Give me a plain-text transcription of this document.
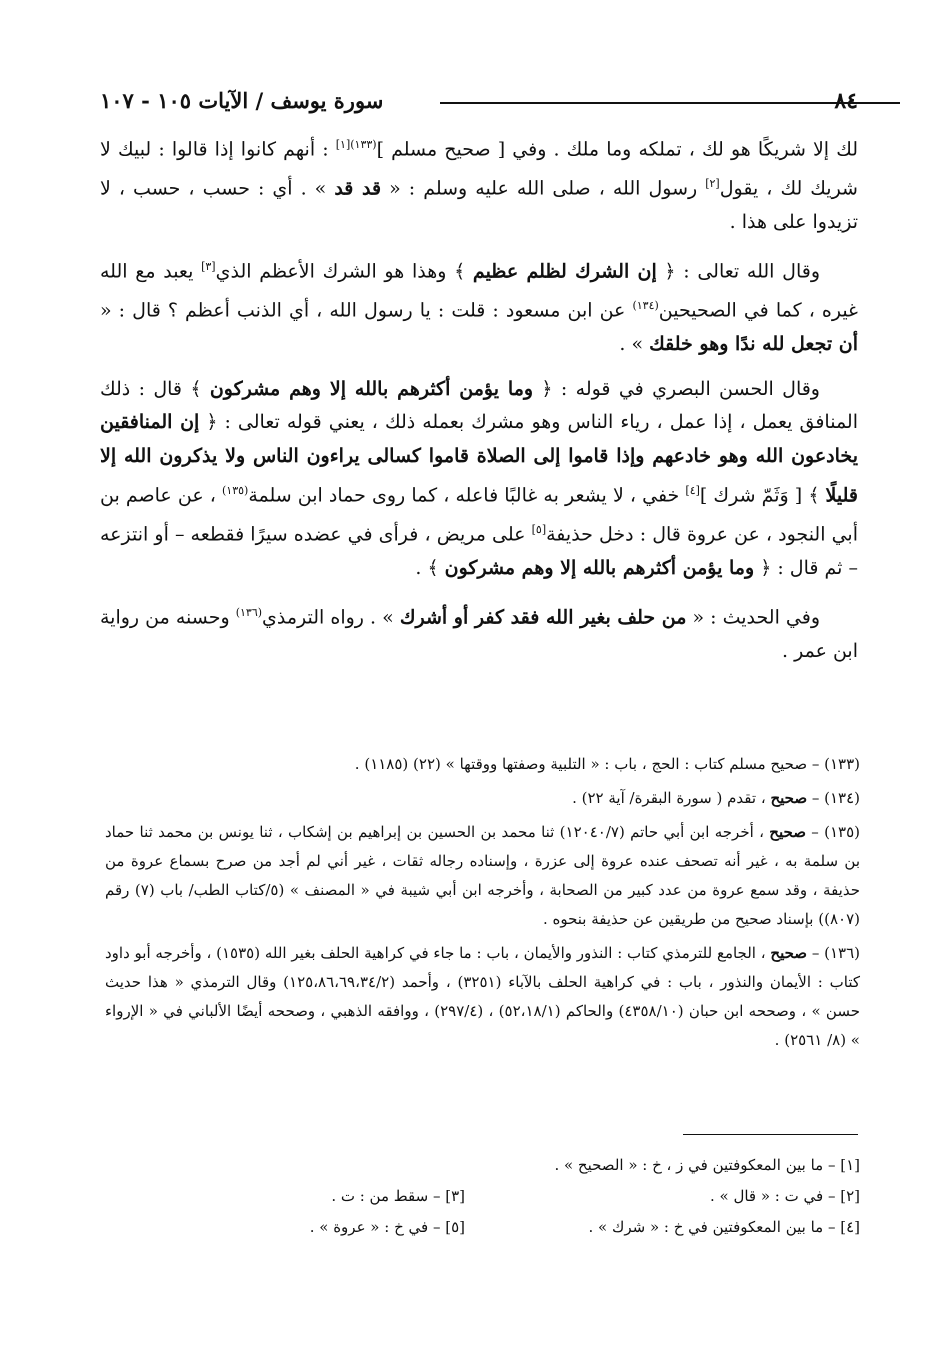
٨٤
سورة يوسف / الآيات ١٠٥ - ١٠٧

لك إلا شريكًا هو لك ، تملكه وما ملك . وفي [ صحيح مسلم ]$^{(١٣٣)[١]}$ : أنهم كانوا إذا قالوا : لبيك لا شريك لك ، يقول[٢] رسول الله ، صلى الله عليه وسلم : « قد قد » . أي : حسب ، حسب ، لا تزيدوا على هذا .

وقال الله تعالى : ﴿ إن الشرك لظلم عظيم ﴾ وهذا هو الشرك الأعظم الذي[٣] يعبد مع الله غيره ، كما في الصحيحين$^{(١٣٤)}$ عن ابن مسعود : قلت : يا رسول الله ، أي الذنب أعظم ؟ قال : « أن تجعل لله ندًا وهو خلقك » .

وقال الحسن البصري في قوله : ﴿ وما يؤمن أكثرهم بالله إلا وهم مشركون ﴾ قال : ذلك المنافق يعمل ، إذا عمل ، رياء الناس وهو مشرك بعمله ذلك ، يعني قوله تعالى : ﴿ إن المنافقين يخادعون الله وهو خادعهم وإذا قاموا إلى الصلاة قاموا كسالى يراءون الناس ولا يذكرون الله إلا قليلًا ﴾ [ وَثَمّ شرك ][٤] خفي ، لا يشعر به غالبًا فاعله ، كما روى حماد ابن سلمة$^{(١٣٥)}$ ، عن عاصم بن أبي النجود ، عن عروة قال : دخل حذيفة[٥] على مريض ، فرأى في عضده سيرًا فقطعه – أو انتزعه – ثم قال : ﴿ وما يؤمن أكثرهم بالله إلا وهم مشركون ﴾ .

وفي الحديث : « من حلف بغير الله فقد كفر أو أشرك » . رواه الترمذي$^{(١٣٦)}$ وحسنه من رواية ابن عمر .

(١٣٣) – صحيح مسلم كتاب : الحج ، باب : « التلبية وصفتها ووقتها » (٢٢) (١١٨٥) .

(١٣٤) – صحيح ، تقدم ( سورة البقرة/ آية ٢٢) .

(١٣٥) – صحيح ، أخرجه ابن أبي حاتم (١٢٠٤٠/٧) ثنا محمد بن الحسين بن إبراهيم بن إشكاب ، ثنا يونس بن محمد ثنا حماد بن سلمة به ، غير أنه تصحف عنده عروة إلى عزرة ، وإسناده رجاله ثقات ، غير أني لم أجد من صرح بسماع عروة من حذيفة ، وقد سمع عروة من عدد كبير من الصحابة ، وأخرجه ابن أبي شيبة في « المصنف » (٥/كتاب الطب/ باب (٧) رقم (٨٠٧)) بإسناد صحيح من طريقين عن حذيفة بنحوه .

(١٣٦) – صحيح ، الجامع للترمذي كتاب : النذور والأيمان ، باب : ما جاء في كراهية الحلف بغير الله (١٥٣٥) ، وأخرجه أبو داود كتاب : الأيمان والنذور ، باب : في كراهية الحلف بالآباء (٣٢٥١) ، وأحمد (١٢٥،٨٦،٦٩،٣٤/٢) وقال الترمذي « هذا حديث حسن » ، وصححه ابن حبان (٤٣٥٨/١٠) والحاكم (٥٢،١٨/١) ، (٢٩٧/٤) ، ووافقه الذهبي ، وصححه أيضًا الألباني في « الإرواء » (٨/ ٢٥٦١) .

[١] – ما بين المعكوفتين في ز ، خ : « الصحيح » .
[٢] – في ت : « قال » .
[٣] – سقط من : ت .
[٤] – ما بين المعكوفتين في خ : « شرك » .
[٥] – في خ : « عروة » .
